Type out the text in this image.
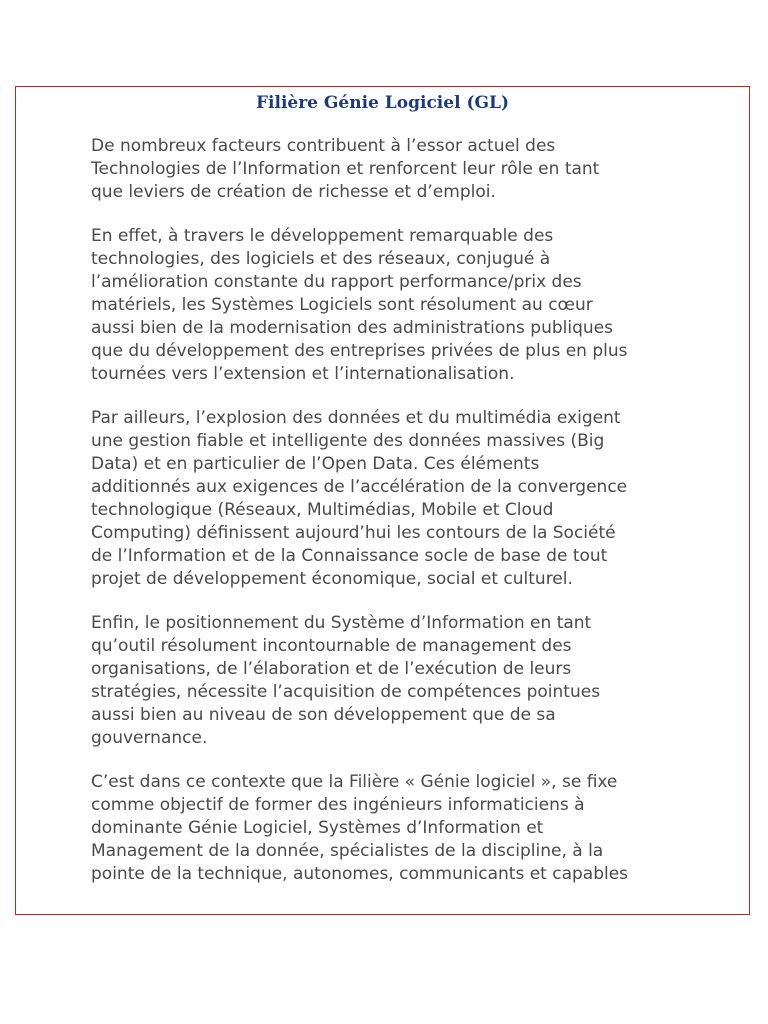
Filière Génie Logiciel (GL)

De nombreux facteurs contribuent à l’essor actuel des
Technologies de l’Information et renforcent leur rôle en tant
que leviers de création de richesse et d’emploi.

En effet, à travers le développement remarquable des
technologies, des logiciels et des réseaux, conjugué à
l’amélioration constante du rapport performance/prix des
matériels, les Systèmes Logiciels sont résolument au cœur
aussi bien de la modernisation des administrations publiques
que du développement des entreprises privées de plus en plus
tournées vers l’extension et l’internationalisation.

Par ailleurs, l’explosion des données et du multimédia exigent
une gestion fiable et intelligente des données massives (Big
Data) et en particulier de l’Open Data. Ces éléments
additionnés aux exigences de l’accélération de la convergence
technologique (Réseaux, Multimédias, Mobile et Cloud
Computing) définissent aujourd’hui les contours de la Société
de l’Information et de la Connaissance socle de base de tout
projet de développement économique, social et culturel.

Enfin, le positionnement du Système d’Information en tant
qu’outil résolument incontournable de management des
organisations, de l’élaboration et de l’exécution de leurs
stratégies, nécessite l’acquisition de compétences pointues
aussi bien au niveau de son développement que de sa
gouvernance.

C’est dans ce contexte que la Filière « Génie logiciel », se fixe
comme objectif de former des ingénieurs informaticiens à
dominante Génie Logiciel, Systèmes d’Information et
Management de la donnée, spécialistes de la discipline, à la
pointe de la technique, autonomes, communicants et capables
